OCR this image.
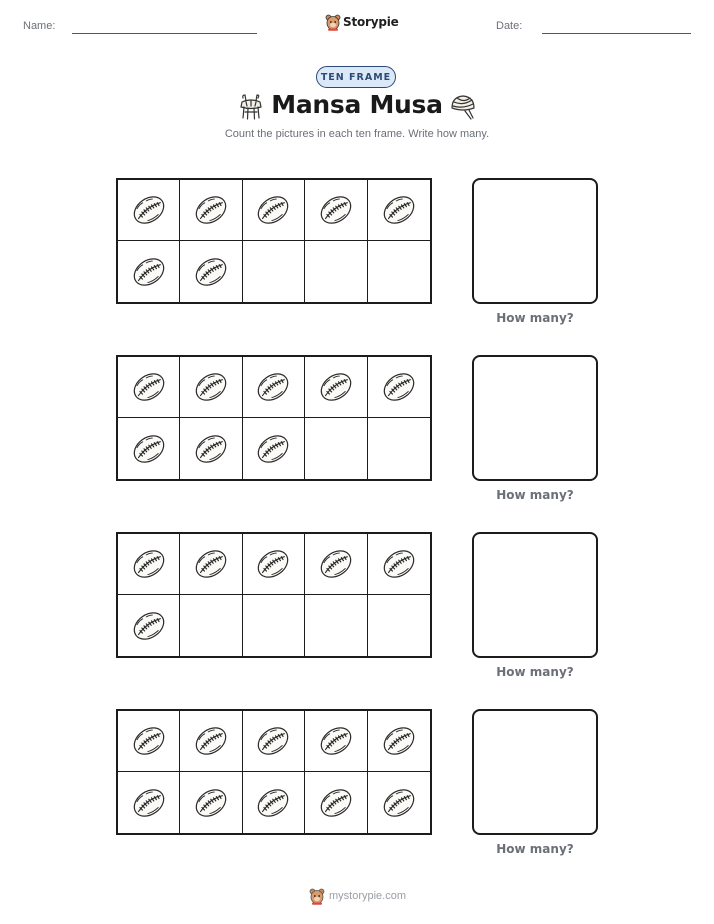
Name:	Storypie	Date:
TEN FRAME
Mansa Musa
Count the pictures in each ten frame. Write how many.
How many?
How many?
How many?
How many?
mystorypie.com
